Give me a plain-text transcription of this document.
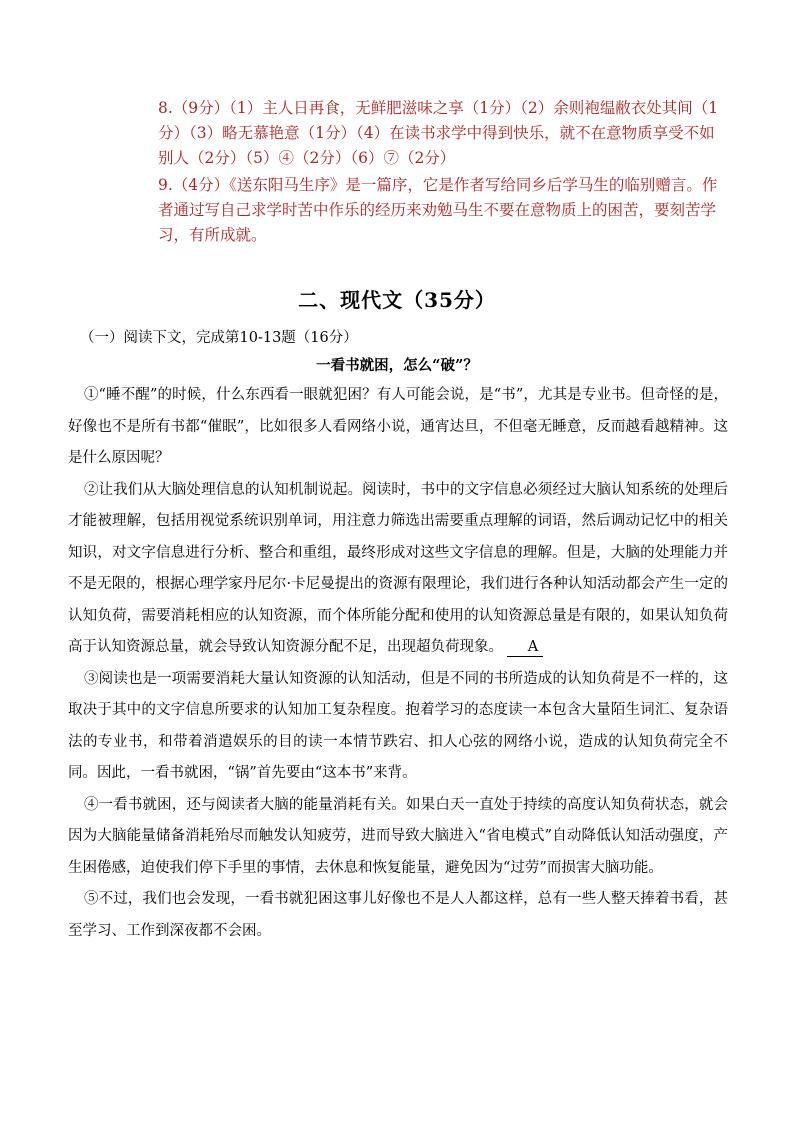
8.（9分）（1）主人日再食，无鲜肥滋味之享（1分）（2）余则袍缊敝衣处其间（1分）（3）略无慕艳意（1分）（4）在读书求学中得到快乐，就不在意物质享受不如别人（2分）（5）④（2分）（6）⑦（2分）

9.（4分）《送东阳马生序》是一篇序，它是作者写给同乡后学马生的临别赠言。作者通过写自己求学时苦中作乐的经历来劝勉马生不要在意物质上的困苦，要刻苦学习，有所成就。

二、现代文（35分）
（一）阅读下文，完成第10-13题（16分）
一看书就困，怎么“破”？

①“睡不醒”的时候，什么东西看一眼就犯困？有人可能会说，是“书”，尤其是专业书。但奇怪的是，好像也不是所有书都“催眠”，比如很多人看网络小说，通宵达旦，不但毫无睡意，反而越看越精神。这是什么原因呢？

②让我们从大脑处理信息的认知机制说起。阅读时，书中的文字信息必须经过大脑认知系统的处理后才能被理解，包括用视觉系统识别单词，用注意力筛选出需要重点理解的词语，然后调动记忆中的相关知识，对文字信息进行分析、整合和重组，最终形成对这些文字信息的理解。但是，大脑的处理能力并不是无限的，根据心理学家丹尼尔·卡尼曼提出的资源有限理论，我们进行各种认知活动都会产生一定的认知负荷，需要消耗相应的认知资源，而个体所能分配和使用的认知资源总量是有限的，如果认知负荷高于认知资源总量，就会导致认知资源分配不足，出现超负荷现象。 A

③阅读也是一项需要消耗大量认知资源的认知活动，但是不同的书所造成的认知负荷是不一样的，这取决于其中的文字信息所要求的认知加工复杂程度。抱着学习的态度读一本包含大量陌生词汇、复杂语法的专业书，和带着消遣娱乐的目的读一本情节跌宕、扣人心弦的网络小说，造成的认知负荷完全不同。因此，一看书就困，“锅”首先要由“这本书”来背。

④一看书就困，还与阅读者大脑的能量消耗有关。如果白天一直处于持续的高度认知负荷状态，就会因为大脑能量储备消耗殆尽而触发认知疲劳，进而导致大脑进入“省电模式”自动降低认知活动强度，产生困倦感，迫使我们停下手里的事情，去休息和恢复能量，避免因为“过劳”而损害大脑功能。

⑤不过，我们也会发现，一看书就犯困这事儿好像也不是人人都这样，总有一些人整天捧着书看，甚至学习、工作到深夜都不会困。
